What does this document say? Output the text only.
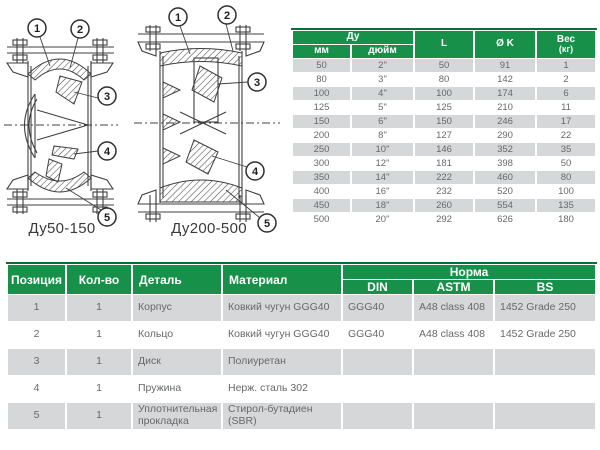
1	2
3
4
5
1	2
3
4
5
Ду50-150	Ду200-500
Ду		L	Ø K	Вес
(кг)

мм	дюйм			
50	2"	50	91	1
80	3"	80	142	2
100	4"	100	174	6
125	5"	125	210	11
150	6"	150	246	17
200	8"	127	290	22
250	10"	146	352	35
300	12"	181	398	50
350	14"	222	460	80
400	16"	232	520	100
450	18"	260	554	135
500	20"	292	626	180
Позиция	Кол-во	Деталь	Материал	Норма		
				DIN	ASTM	BS
1	1	Корпус	Ковкий чугун GGG40	GGG40	A48 class 408	1452 Grade 250
2	1	Кольцо	Ковкий чугун GGG40	GGG40	A48 class 408	1452 Grade 250
3	1	Диск	Полиуретан			
4	1	Пружина	Нерж. сталь 302			
5	1	Уплотнительная прокладка	Стирол-бутадиен (SBR)			
